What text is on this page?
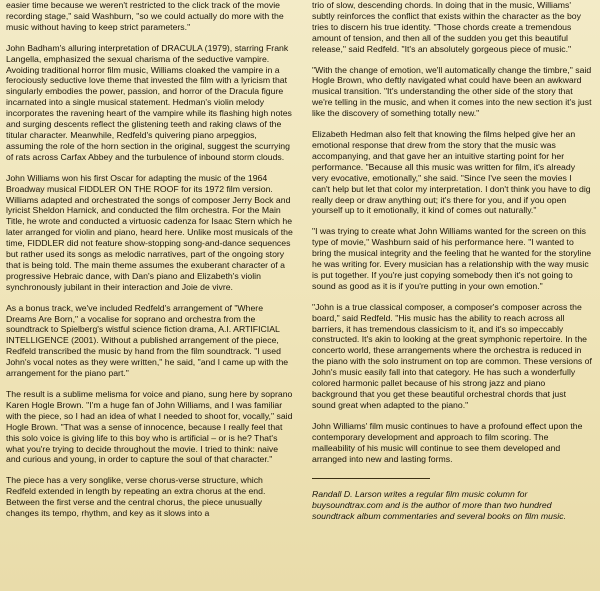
easier time because we weren't restricted to the click track of the movie recording stage," said Washburn, "so we could actually do more with the music without having to keep strict parameters."

John Badham's alluring interpretation of DRACULA (1979), starring Frank Langella, emphasized the sexual charisma of the seductive vampire. Avoiding traditional horror film music, Williams cloaked the vampire in a ferociously seductive love theme that invested the film with a lyricism that singularly embodies the power, passion, and horror of the Dracula figure incarnated into a single musical statement. Hedman's violin melody incorporates the ravening heart of the vampire while its flashing high notes and surging descents reflect the glistening teeth and raking claws of the titular character. Meanwhile, Redfeld's quivering piano arpeggios, assuming the role of the horn section in the original, suggest the scurrying of rats across Carfax Abbey and the turbulence of inbound storm clouds.

John Williams won his first Oscar for adapting the music of the 1964 Broadway musical FIDDLER ON THE ROOF for its 1972 film version. Williams adapted and orchestrated the songs of composer Jerry Bock and lyricist Sheldon Harnick, and conducted the film orchestra. For the Main Title, he wrote and conducted a virtuosic cadenza for Isaac Stern which he later arranged for violin and piano, heard here. Unlike most musicals of the time, FIDDLER did not feature show-stopping song-and-dance sequences but rather used its songs as melodic narratives, part of the ongoing story that is being told. The main theme assumes the exuberant character of a progressive Hebraic dance, with Dan's piano and Elizabeth's violin synchronously jubilant in their interaction and Joie de vivre.

As a bonus track, we've included Redfeld's arrangement of "Where Dreams Are Born," a vocalise for soprano and orchestra from the soundtrack to Spielberg's wistful science fiction drama, A.I. ARTIFICIAL INTELLIGENCE (2001). Without a published arrangement of the piece, Redfeld transcribed the music by hand from the film soundtrack. "I used John's vocal notes as they were written," he said, "and I came up with the arrangement for the piano part."

The result is a sublime melisma for voice and piano, sung here by soprano Karen Hogle Brown. "I'm a huge fan of John Williams, and I was familiar with the piece, so I had an idea of what I needed to shoot for, vocally," said Hogle Brown. "That was a sense of innocence, because I really feel that this solo voice is giving life to this boy who is artificial – or is he? That's what you're trying to decide throughout the movie. I tried to think: naive and curious and young, in order to capture the soul of that character."

The piece has a very songlike, verse chorus-verse structure, which Redfeld extended in length by repeating an extra chorus at the end. Between the first verse and the central chorus, the piece unusually changes its tempo, rhythm, and key as it slows into a

trio of slow, descending chords. In doing that in the music, Williams' subtly reinforces the conflict that exists within the character as the boy tries to discern his true identity. "Those chords create a tremendous amount of tension, and then all of the sudden you get this beautiful release," said Redfeld. "It's an absolutely gorgeous piece of music."

"With the change of emotion, we'll automatically change the timbre," said Hogle Brown, who deftly navigated what could have been an awkward musical transition. "It's understanding the other side of the story that we're telling in the music, and when it comes into the new section it's just like the discovery of something totally new."

Elizabeth Hedman also felt that knowing the films helped give her an emotional response that drew from the story that the music was accompanying, and that gave her an intuitive starting point for her performance. "Because all this music was written for film, it's already very evocative, emotionally," she said. "Since I've seen the movies I can't help but let that color my interpretation. I don't think you have to dig really deep or draw anything out; it's there for you, and if you open yourself up to it emotionally, it kind of comes out naturally."

"I was trying to create what John Williams wanted for the screen on this type of movie," Washburn said of his performance here. "I wanted to bring the musical integrity and the feeling that he wanted for the storyline he was writing for. Every musician has a relationship with the way music is put together. If you're just copying somebody then it's not going to sound as good as it is if you're putting in your own emotion."

"John is a true classical composer, a composer's composer across the board," said Redfeld. "His music has the ability to reach across all barriers, it has tremendous classicism to it, and it's so impeccably constructed. It's akin to looking at the great symphonic repertoire. In the concerto world, these arrangements where the orchestra is reduced in the piano with the solo instrument on top are common. These versions of John's music easily fall into that category. He has such a wonderfully colored harmonic pallet because of his strong jazz and piano background that you get these beautiful orchestral chords that just sound great when adapted to the piano."

John Williams' film music continues to have a profound effect upon the contemporary development and approach to film scoring. The malleability of his music will continue to see them developed and arranged into new and lasting forms.

Randall D. Larson writes a regular film music column for buysoundtrax.com and is the author of more than two hundred soundtrack album commentaries and several books on film music.
